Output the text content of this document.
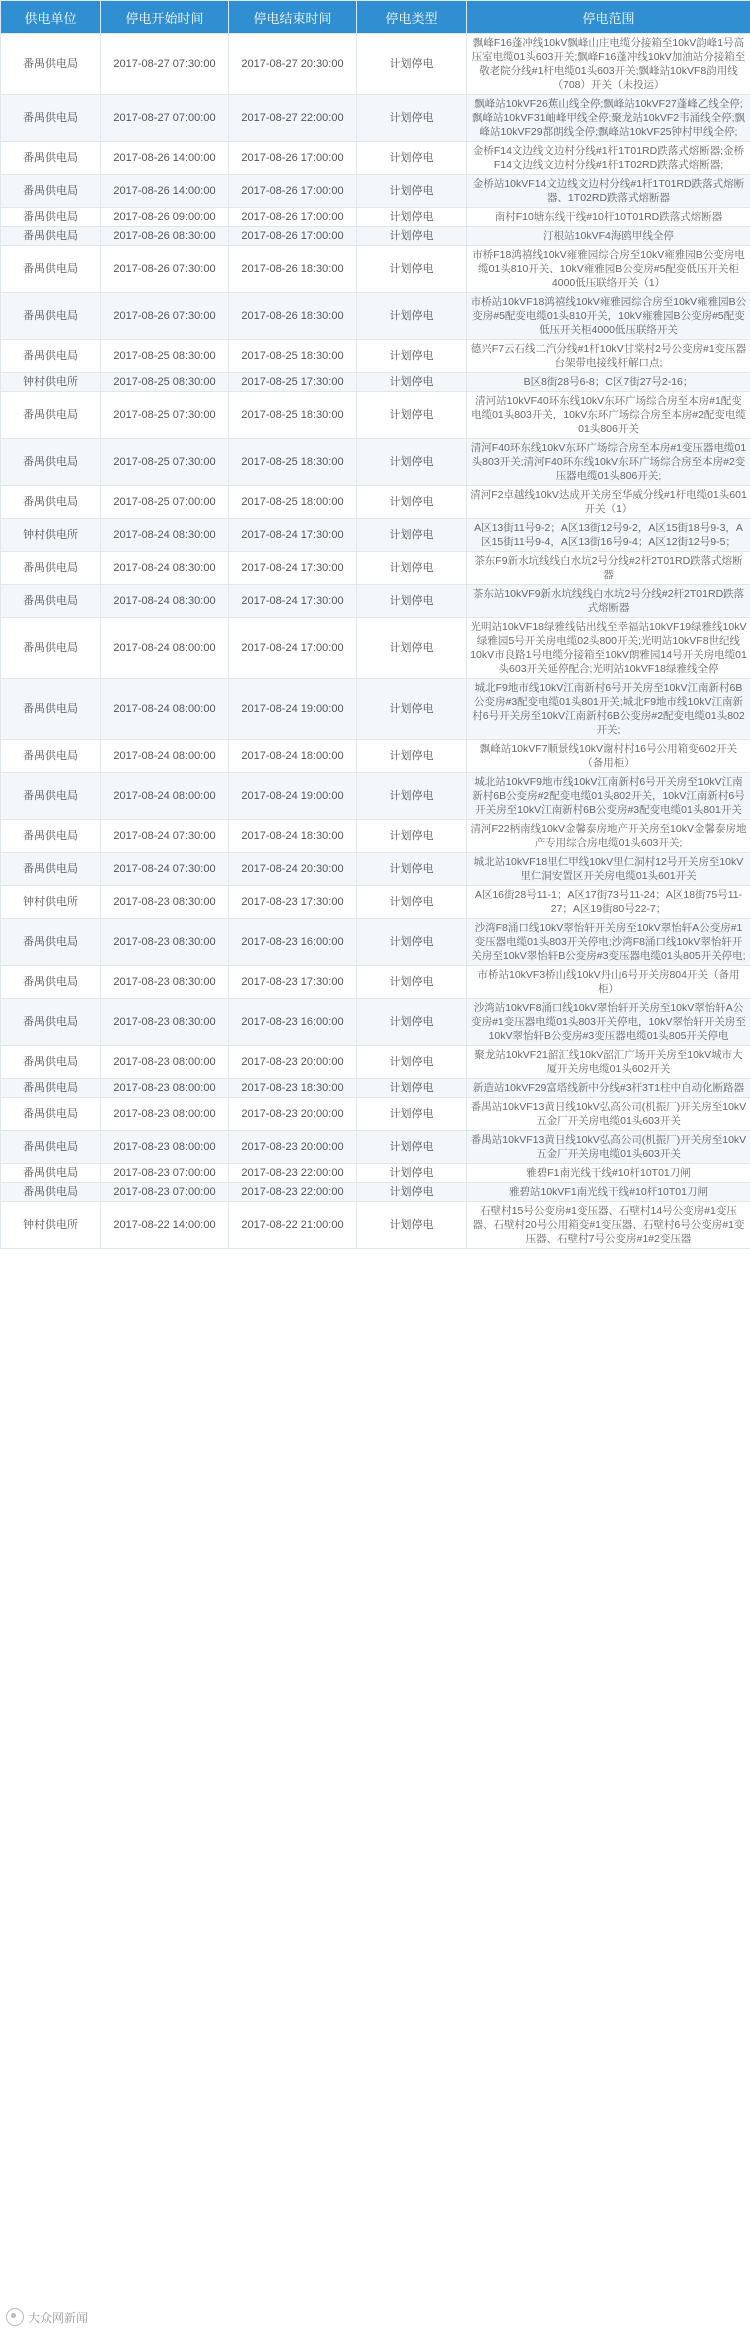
供电单位	停电开始时间	停电结束时间	停电类型	停电范围
番禺供电局	2017-08-27 07:30:00	2017-08-27 20:30:00	计划停电	飘峰F16蓬冲线10kV飘峰山庄电缆分接箱至10kV韵峰1号高压室电缆01头603开关;飘峰F16蓬冲线10kV加油站分接箱至敬老院分线#1杆电缆01头603开关;飘峰站10kVF8韵用线（708）开关（未投运）
番禺供电局	2017-08-27 07:00:00	2017-08-27 22:00:00	计划停电	飘峰站10kVF26蕉山线全停;飘峰站10kVF27蓬峰乙线全停;飘峰站10kVF31岫峰甲线全停;聚龙站10kVF2韦涌线全停;飘峰站10kVF29都朗线全停;飘峰站10kVF25钟村甲线全停;
番禺供电局	2017-08-26 14:00:00	2017-08-26 17:00:00	计划停电	金桥F14文边线文边村分线#1杆1T01RD跌落式熔断器;金桥F14文边线文边村分线#1杆1T02RD跌落式熔断器;
番禺供电局	2017-08-26 14:00:00	2017-08-26 17:00:00	计划停电	金桥站10kVF14文边线文边村分线#1杆1T01RD跌落式熔断器、1T02RD跌落式熔断器
番禺供电局	2017-08-26 09:00:00	2017-08-26 17:00:00	计划停电	南村F10塘东线干线#10杆10T01RD跌落式熔断器
番禺供电局	2017-08-26 08:30:00	2017-08-26 17:00:00	计划停电	汀根站10kVF4海鸥甲线全停
番禺供电局	2017-08-26 07:30:00	2017-08-26 18:30:00	计划停电	市桥F18鸿禧线10kV雍雅园综合房至10kV雍雅园B公变房电缆01头810开关、10kV雍雅园B公变房#5配变低压开关柜4000低压联络开关（1）
番禺供电局	2017-08-26 07:30:00	2017-08-26 18:30:00	计划停电	市桥站10kVF18鸿禧线10kV雍雅园综合房至10kV雍雅园B公变房#5配变电缆01头810开关，10kV雍雅园B公变房#5配变低压开关柜4000低压联络开关
番禺供电局	2017-08-25 08:30:00	2017-08-25 18:30:00	计划停电	德兴F7云石线二汽分线#1杆10kV甘棠村2号公变房#1变压器台架带电接线杆解口点;
钟村供电所	2017-08-25 08:30:00	2017-08-25 17:30:00	计划停电	B区8街28号6-8；C区7街27号2-16；
番禺供电局	2017-08-25 07:30:00	2017-08-25 18:30:00	计划停电	清河站10kVF40环东线10kV东环广场综合房至本房#1配变电缆01头803开关，10kV东环广场综合房至本房#2配变电缆01头806开关
番禺供电局	2017-08-25 07:30:00	2017-08-25 18:30:00	计划停电	清河F40环东线10kV东环广场综合房至本房#1变压器电缆01头803开关;清河F40环东线10kV东环广场综合房至本房#2变压器电缆01头806开关;
番禺供电局	2017-08-25 07:00:00	2017-08-25 18:00:00	计划停电	清河F2卓越线10kV达成开关房至华威分线#1杆电缆01头601开关（1）
钟村供电所	2017-08-24 08:30:00	2017-08-24 17:30:00	计划停电	A区13街11号9-2；A区13街12号9-2，A区15街18号9-3，A区15街11号9-4，A区13街16号9-4；A区12街12号9-5；
番禺供电局	2017-08-24 08:30:00	2017-08-24 17:30:00	计划停电	茶东F9新水坑线线白水坑2号分线#2杆2T01RD跌落式熔断器
番禺供电局	2017-08-24 08:30:00	2017-08-24 17:30:00	计划停电	茶东站10kVF9新水坑线线白水坑2号分线#2杆2T01RD跌落式熔断器
番禺供电局	2017-08-24 08:00:00	2017-08-24 17:00:00	计划停电	光明站10kVF18绿雅线钻出线至幸福站10kVF19绿雅线10kV绿雅园5号开关房电缆02头800开关;光明站10kVF8世纪线10kV市良路1号电缆分接箱至10kV朗雅园14号开关房电缆01头603开关延停配合;光明站10kVF18绿雅线全停
番禺供电局	2017-08-24 08:00:00	2017-08-24 19:00:00	计划停电	城北F9地市线10kV江南新村6号开关房至10kV江南新村6B公变房#3配变电缆01头801开关;城北F9地市线10kV江南新村6号开关房至10kV江南新村6B公变房#2配变电缆01头802开关;
番禺供电局	2017-08-24 08:00:00	2017-08-24 18:00:00	计划停电	飘峰站10kVF7顺景线10kV谢村村16号公用箱变602开关（备用柜）
番禺供电局	2017-08-24 08:00:00	2017-08-24 19:00:00	计划停电	城北站10kVF9地市线10kV江南新村6号开关房至10kV江南新村6B公变房#2配变电缆01头802开关，10kV江南新村6号开关房至10kV江南新村6B公变房#3配变电缆01头801开关
番禺供电局	2017-08-24 07:30:00	2017-08-24 18:30:00	计划停电	清河F22柄南线10kV金馨泰房地产开关房至10kV金馨泰房地产专用综合房电缆01头603开关;
番禺供电局	2017-08-24 07:30:00	2017-08-24 20:30:00	计划停电	城北站10kVF18里仁甲线10kV里仁洞村12号开关房至10kV里仁洞安置区开关房电缆01头601开关
钟村供电所	2017-08-23 08:30:00	2017-08-23 17:30:00	计划停电	A区16街28号11-1；A区17街73号11-24；A区18街75号11-27；A区19街80号22-7；
番禺供电局	2017-08-23 08:30:00	2017-08-23 16:00:00	计划停电	沙湾F8涌口线10kV翠怡轩开关房至10kV翠怡轩A公变房#1变压器电缆01头803开关停电;沙湾F8涌口线10kV翠怡轩开关房至10kV翠怡轩B公变房#3变压器电缆01头805开关停电;
番禺供电局	2017-08-23 08:30:00	2017-08-23 17:30:00	计划停电	市桥站10kVF3桥山线10kV丹山6号开关房804开关（备用柜）
番禺供电局	2017-08-23 08:30:00	2017-08-23 16:00:00	计划停电	沙湾站10kVF8涌口线10kV翠怡轩开关房至10kV翠怡轩A公变房#1变压器电缆01头803开关停电，10kV翠怡轩开关房至10kV翠怡轩B公变房#3变压器电缆01头805开关停电
番禺供电局	2017-08-23 08:00:00	2017-08-23 20:00:00	计划停电	聚龙站10kVF21韶汇线10kV韶汇广场开关房至10kV城市大厦开关房电缆01头602开关
番禺供电局	2017-08-23 08:00:00	2017-08-23 18:30:00	计划停电	新造站10kVF29富塔线新中分线#3杆3T1柱中自动化断路器
番禺供电局	2017-08-23 08:00:00	2017-08-23 20:00:00	计划停电	番禺站10kVF13黄日线10kV弘高公司(机振厂)开关房至10kV五金厂开关房电缆01头603开关
番禺供电局	2017-08-23 08:00:00	2017-08-23 20:00:00	计划停电	番禺站10kVF13黄日线10kV弘高公司(机振厂)开关房至10kV五金厂开关房电缆01头603开关
番禺供电局	2017-08-23 07:00:00	2017-08-23 22:00:00	计划停电	雅碧F1南光线干线#10杆10T01刀闸
番禺供电局	2017-08-23 07:00:00	2017-08-23 22:00:00	计划停电	雅碧站10kVF1南光线干线#10杆10T01刀闸
钟村供电所	2017-08-22 14:00:00	2017-08-22 21:00:00	计划停电	石壁村15号公变房#1变压器、石壁村14号公变房#1变压器、石壁村20号公用箱变#1变压器、石壁村6号公变房#1变压器、石壁村7号公变房#1#2变压器
大众网新闻
